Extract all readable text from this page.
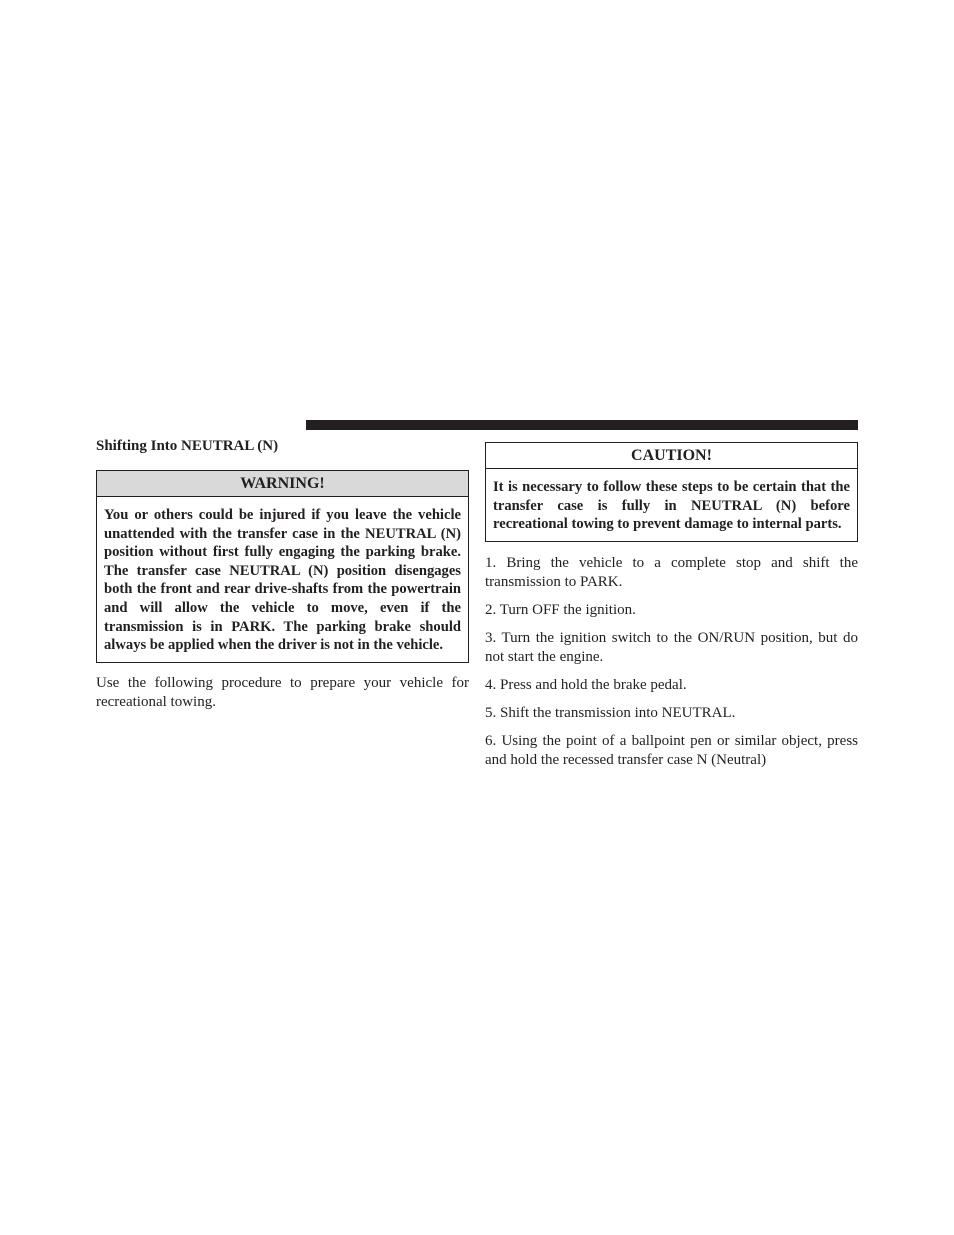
Shifting Into NEUTRAL (N)
WARNING!
You or others could be injured if you leave the vehicle unattended with the transfer case in the NEUTRAL (N) position without first fully engaging the parking brake. The transfer case NEUTRAL (N) position disengages both the front and rear drive-shafts from the powertrain and will allow the vehicle to move, even if the transmission is in PARK. The parking brake should always be applied when the driver is not in the vehicle.

Use the following procedure to prepare your vehicle for recreational towing.

CAUTION!
It is necessary to follow these steps to be certain that the transfer case is fully in NEUTRAL (N) before recreational towing to prevent damage to internal parts.

1. Bring the vehicle to a complete stop and shift the transmission to PARK.

2. Turn OFF the ignition.

3. Turn the ignition switch to the ON/RUN position, but do not start the engine.

4. Press and hold the brake pedal.

5. Shift the transmission into NEUTRAL.

6. Using the point of a ballpoint pen or similar object, press and hold the recessed transfer case N (Neutral)
